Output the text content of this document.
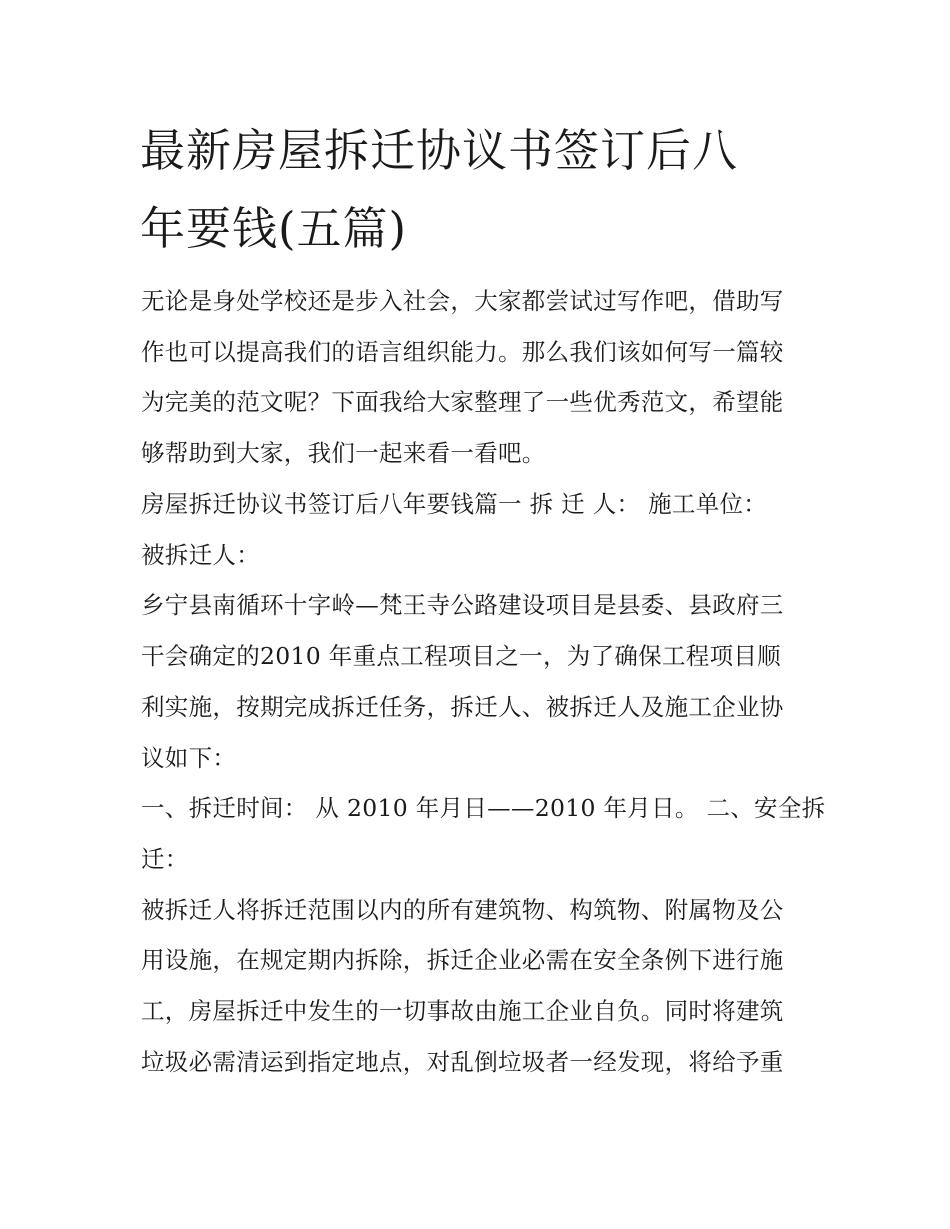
最新房屋拆迁协议书签订后八
年要钱(五篇)
无论是身处学校还是步入社会，大家都尝试过写作吧，借助写
作也可以提高我们的语言组织能力。那么我们该如何写一篇较
为完美的范文呢？下面我给大家整理了一些优秀范文，希望能
够帮助到大家，我们一起来看一看吧。
房屋拆迁协议书签订后八年要钱篇一 拆 迁 人： 施工单位：
被拆迁人：
乡宁县南循环十字岭—梵王寺公路建设项目是县委、县政府三
干会确定的2010 年重点工程项目之一，为了确保工程项目顺
利实施，按期完成拆迁任务，拆迁人、被拆迁人及施工企业协
议如下：
一、拆迁时间： 从 2010 年月日——2010 年月日。 二、安全拆
迁：
被拆迁人将拆迁范围以内的所有建筑物、构筑物、附属物及公
用设施，在规定期内拆除，拆迁企业必需在安全条例下进行施
工，房屋拆迁中发生的一切事故由施工企业自负。同时将建筑
垃圾必需清运到指定地点，对乱倒垃圾者一经发现，将给予重
